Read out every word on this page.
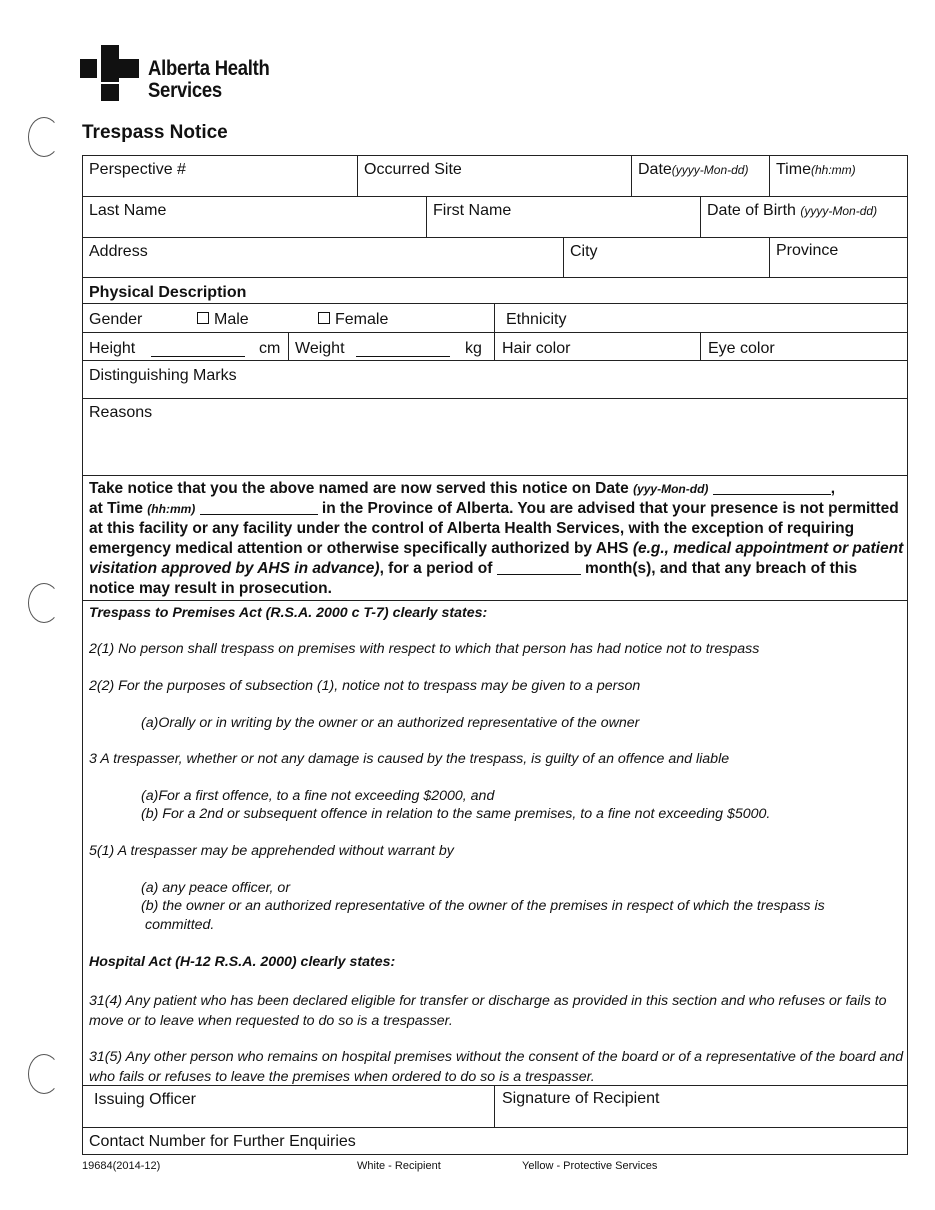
Alberta Health
Services
Trespass Notice
Perspective #	Occurred Site	Date(yyyy-Mon-dd) Time(hh:mm)
Last Name	First Name	Date of Birth (yyyy-Mon-dd)
Address	City	Province
Physical Description
Gender	Male	Female	Ethnicity
Height	cm Weight	kg Hair color	Eye color
Distinguishing Marks
Reasons
Take notice that you the above named are now served this notice on Date (yyy-Mon-dd)	,
at Time (hh:mm)	in the Province of Alberta. You are advised that your presence is not permitted at this facility or any facility under the control of Alberta Health Services, with the exception of requiring emergency medical attention or otherwise specifically authorized by AHS (e.g., medical appointment or patient visitation approved by AHS in advance), for a period of	month(s), and that any breach of this notice may result in prosecution.
Trespass to Premises Act (R.S.A. 2000 c T-7) clearly states:
2(1) No person shall trespass on premises with respect to which that person has had notice not to trespass
2(2) For the purposes of subsection (1), notice not to trespass may be given to a person
(a)Orally or in writing by the owner or an authorized representative of the owner
3 A trespasser, whether or not any damage is caused by the trespass, is guilty of an offence and liable
(a)For a first offence, to a fine not exceeding $2000, and
(b) For a 2nd or subsequent offence in relation to the same premises, to a fine not exceeding $5000.
5(1) A trespasser may be apprehended without warrant by
(a) any peace officer, or
(b) the owner or an authorized representative of the owner of the premises in respect of which the trespass is
committed.
Hospital Act (H-12 R.S.A. 2000) clearly states:
31(4) Any patient who has been declared eligible for transfer or discharge as provided in this section and who refuses or fails to move or to leave when requested to do so is a trespasser.
31(5) Any other person who remains on hospital premises without the consent of the board or of a representative of the board and who fails or refuses to leave the premises when ordered to do so is a trespasser.
Issuing Officer	Signature of Recipient
Contact Number for Further Enquiries
19684(2014-12)	White - Recipient	Yellow - Protective Services
